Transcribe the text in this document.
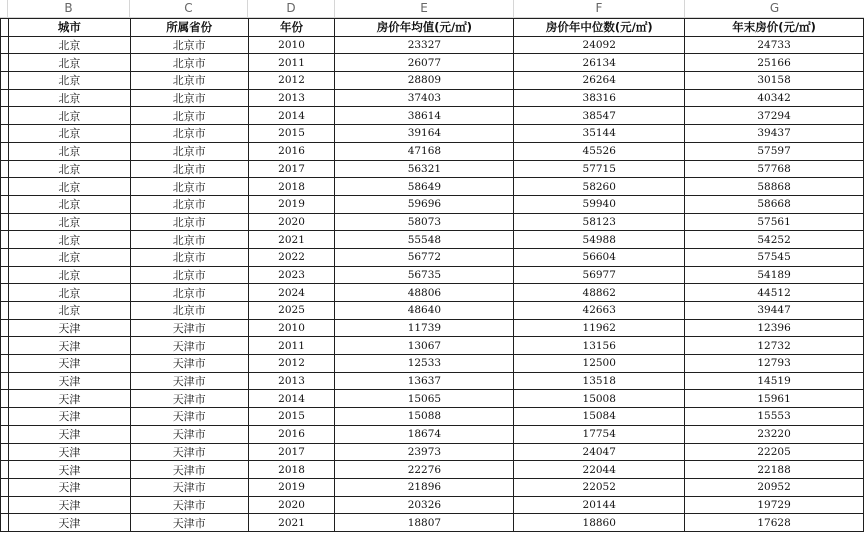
B	C	D	E	F	G
	城市	所属省份	年份	房价年均值(元/㎡)	房价年中位数(元/㎡)	年末房价(元/㎡)
	北京	北京市	2010	23327	24092	24733
	北京	北京市	2011	26077	26134	25166
	北京	北京市	2012	28809	26264	30158
	北京	北京市	2013	37403	38316	40342
	北京	北京市	2014	38614	38547	37294
	北京	北京市	2015	39164	35144	39437
	北京	北京市	2016	47168	45526	57597
	北京	北京市	2017	56321	57715	57768
	北京	北京市	2018	58649	58260	58868
	北京	北京市	2019	59696	59940	58668
	北京	北京市	2020	58073	58123	57561
	北京	北京市	2021	55548	54988	54252
	北京	北京市	2022	56772	56604	57545
	北京	北京市	2023	56735	56977	54189
	北京	北京市	2024	48806	48862	44512
	北京	北京市	2025	48640	42663	39447
	天津	天津市	2010	11739	11962	12396
	天津	天津市	2011	13067	13156	12732
	天津	天津市	2012	12533	12500	12793
	天津	天津市	2013	13637	13518	14519
	天津	天津市	2014	15065	15008	15961
	天津	天津市	2015	15088	15084	15553
	天津	天津市	2016	18674	17754	23220
	天津	天津市	2017	23973	24047	22205
	天津	天津市	2018	22276	22044	22188
	天津	天津市	2019	21896	22052	20952
	天津	天津市	2020	20326	20144	19729
	天津	天津市	2021	18807	18860	17628
